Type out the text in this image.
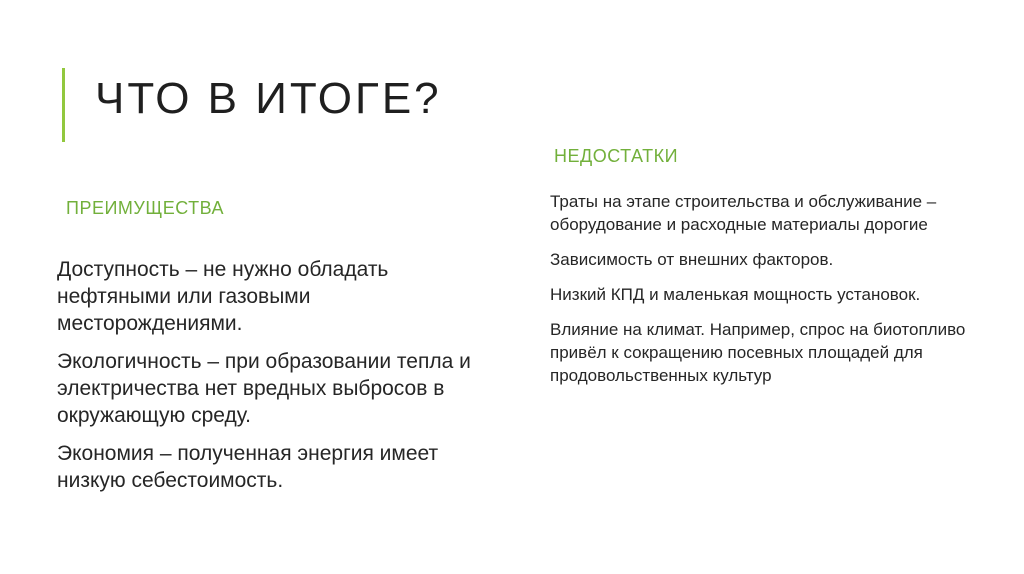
ЧТО В ИТОГЕ?
ПРЕИМУЩЕСТВА
Доступность – не нужно обладать нефтяными или газовыми месторождениями.
Экологичность – при образовании тепла и электричества нет вредных выбросов в окружающую среду.
Экономия – полученная энергия имеет низкую себестоимость.
НЕДОСТАТКИ
Траты на этапе строительства и обслуживание – оборудование и расходные материалы дорогие
Зависимость от внешних факторов.
Низкий КПД и маленькая мощность установок.
Влияние на климат. Например, спрос на биотопливо привёл к сокращению посевных площадей для продовольственных культур
